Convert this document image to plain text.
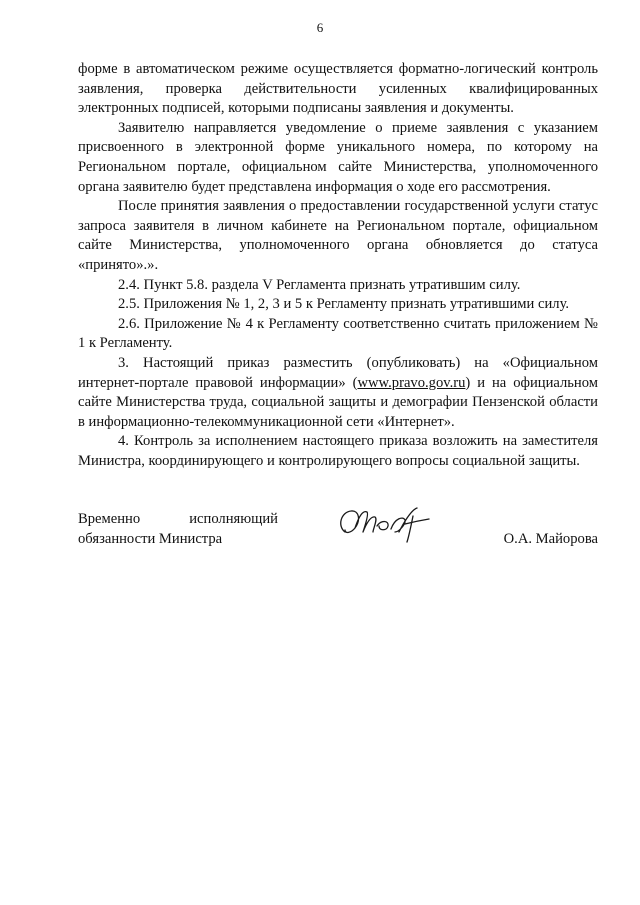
6

форме в автоматическом режиме осуществляется форматно-логический контроль заявления, проверка действительности усиленных квалифицированных электронных подписей, которыми подписаны заявления и документы.

Заявителю направляется уведомление о приеме заявления с указанием присвоенного в электронной форме уникального номера, по которому на Региональном портале, официальном сайте Министерства, уполномоченного органа заявителю будет представлена информация о ходе его рассмотрения.

После принятия заявления о предоставлении государственной услуги статус запроса заявителя в личном кабинете на Региональном портале, официальном сайте Министерства, уполномоченного органа обновляется до статуса «принято».».

2.4. Пункт 5.8. раздела V Регламента признать утратившим силу.

2.5. Приложения № 1, 2, 3 и 5 к Регламенту признать утратившими силу.

2.6. Приложение № 4 к Регламенту соответственно считать приложением № 1 к Регламенту.

3. Настоящий приказ разместить (опубликовать) на «Официальном интернет-портале правовой информации» (www.pravo.gov.ru) и на официальном сайте Министерства труда, социальной защиты и демографии Пензенской области в информационно-телекоммуникационной сети «Интернет».

4. Контроль за исполнением настоящего приказа возложить на заместителя Министра, координирующего и контролирующего вопросы социальной защиты.

Временно	исполняющий
обязанности Министра	О.А. Майорова
